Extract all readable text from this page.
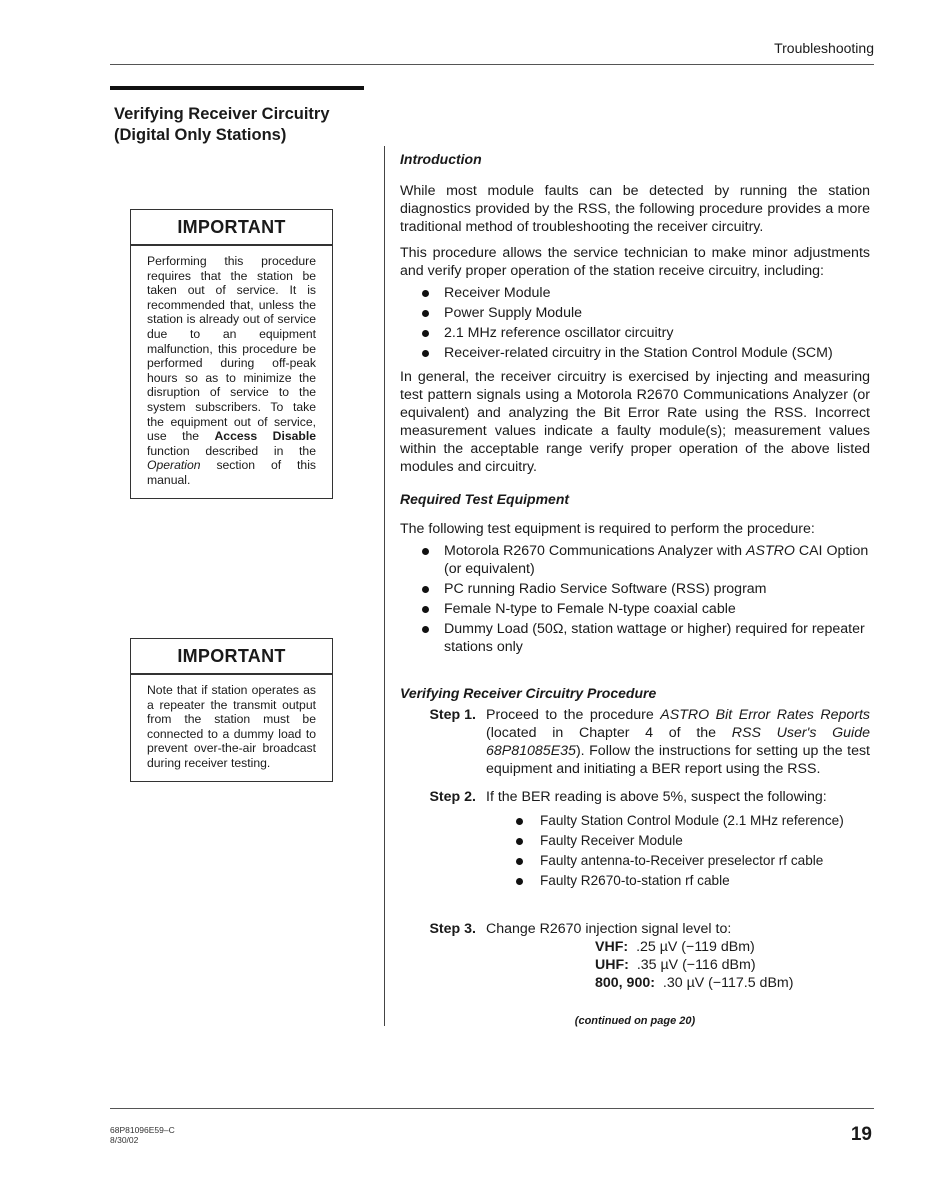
Troubleshooting
Verifying Receiver Circuitry (Digital Only Stations)
IMPORTANT
Performing this procedure requires that the station be taken out of service. It is recommended that, unless the station is already out of service due to an equipment malfunction, this procedure be performed during off-peak hours so as to minimize the disruption of service to the system subscribers. To take the equipment out of service, use the Access Disable function described in the Operation section of this manual.
IMPORTANT
Note that if station operates as a repeater the transmit output from the station must be connected to a dummy load to prevent over-the-air broadcast during receiver testing.

Introduction

While most module faults can be detected by running the station diagnostics provided by the RSS, the following procedure provides a more traditional method of troubleshooting the receiver circuitry.

This procedure allows the service technician to make minor adjustments and verify proper operation of the station receive circuitry, including:

Receiver Module
Power Supply Module
2.1 MHz reference oscillator circuitry
Receiver-related circuitry in the Station Control Module (SCM)

In general, the receiver circuitry is exercised by injecting and measuring test pattern signals using a Motorola R2670 Communications Analyzer (or equivalent) and analyzing the Bit Error Rate using the RSS. Incorrect measurement values indicate a faulty module(s); measurement values within the acceptable range verify proper operation of the above listed modules and circuitry.

Required Test Equipment

The following test equipment is required to perform the procedure:

Motorola R2670 Communications Analyzer with ASTRO CAI Option (or equivalent)
PC running Radio Service Software (RSS) program
Female N-type to Female N-type coaxial cable
Dummy Load (50Ω, station wattage or higher) required for repeater stations only

Verifying Receiver Circuitry Procedure

Step 1. Proceed to the procedure ASTRO Bit Error Rates Reports (located in Chapter 4 of the RSS User's Guide 68P81085E35). Follow the instructions for setting up the test equipment and initiating a BER report using the RSS.
Step 2. If the BER reading is above 5%, suspect the following:
Faulty Station Control Module (2.1 MHz reference)
Faulty Receiver Module
Faulty antenna-to-Receiver preselector rf cable
Faulty R2670-to-station rf cable
Step 3. Change R2670 injection signal level to:
VHF: .25 µV (−119 dBm)
UHF: .35 µV (−116 dBm)
800, 900: .30 µV (−117.5 dBm)
(continued on page 20)
68P81096E59–C
8/30/02	19
